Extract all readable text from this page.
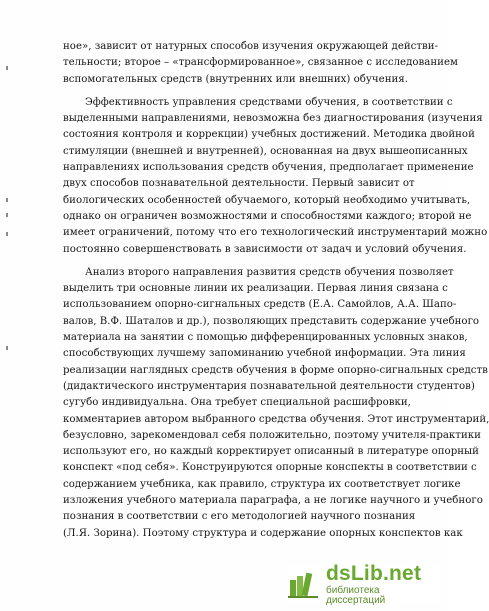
ное», зависит от натурных способов изучения окружающей действи-
тельности; второе – «трансформированное», связанное с исследованием
вспомогательных средств (внутренних или внешних) обучения.
Эффективность управления средствами обучения, в соответствии с
выделенными направлениями, невозможна без диагностирования (изучения
состояния контроля и коррекции) учебных достижений. Методика двойной
стимуляции (внешней и внутренней), основанная на двух вышеописанных
направлениях использования средств обучения, предполагает применение
двух способов познавательной деятельности. Первый зависит от
биологических особенностей обучаемого, который необходимо учитывать,
однако он ограничен возможностями и способностями каждого; второй не
имеет ограничений, потому что его технологический инструментарий можно
постоянно совершенствовать в зависимости от задач и условий обучения.
Анализ второго направления развития средств обучения позволяет
выделить три основные линии их реализации. Первая линия связана с
использованием опорно-сигнальных средств (Е.А. Самойлов, А.А. Шапо-
валов, В.Ф. Шаталов и др.), позволяющих представить содержание учебного
материала на занятии с помощью дифференцированных условных знаков,
способствующих лучшему запоминанию учебной информации. Эта линия
реализации наглядных средств обучения в форме опорно-сигнальных средств
(дидактического инструментария познавательной деятельности студентов)
сугубо индивидуальна. Она требует специальной расшифровки,
комментариев автором выбранного средства обучения. Этот инструментарий,
безусловно, зарекомендовал себя положительно, поэтому учителя-практики
используют его, но каждый корректирует описанный в литературе опорный
конспект «под себя». Конструируются опорные конспекты в соответствии с
содержанием учебника, как правило, структура их соответствует логике
изложения учебного материала параграфа, а не логике научного и учебного
познания в соответствии с его методологией научного познания
(Л.Я. Зорина). Поэтому структура и содержание опорных конспектов как
dsLib.net
библиотека диссертаций
